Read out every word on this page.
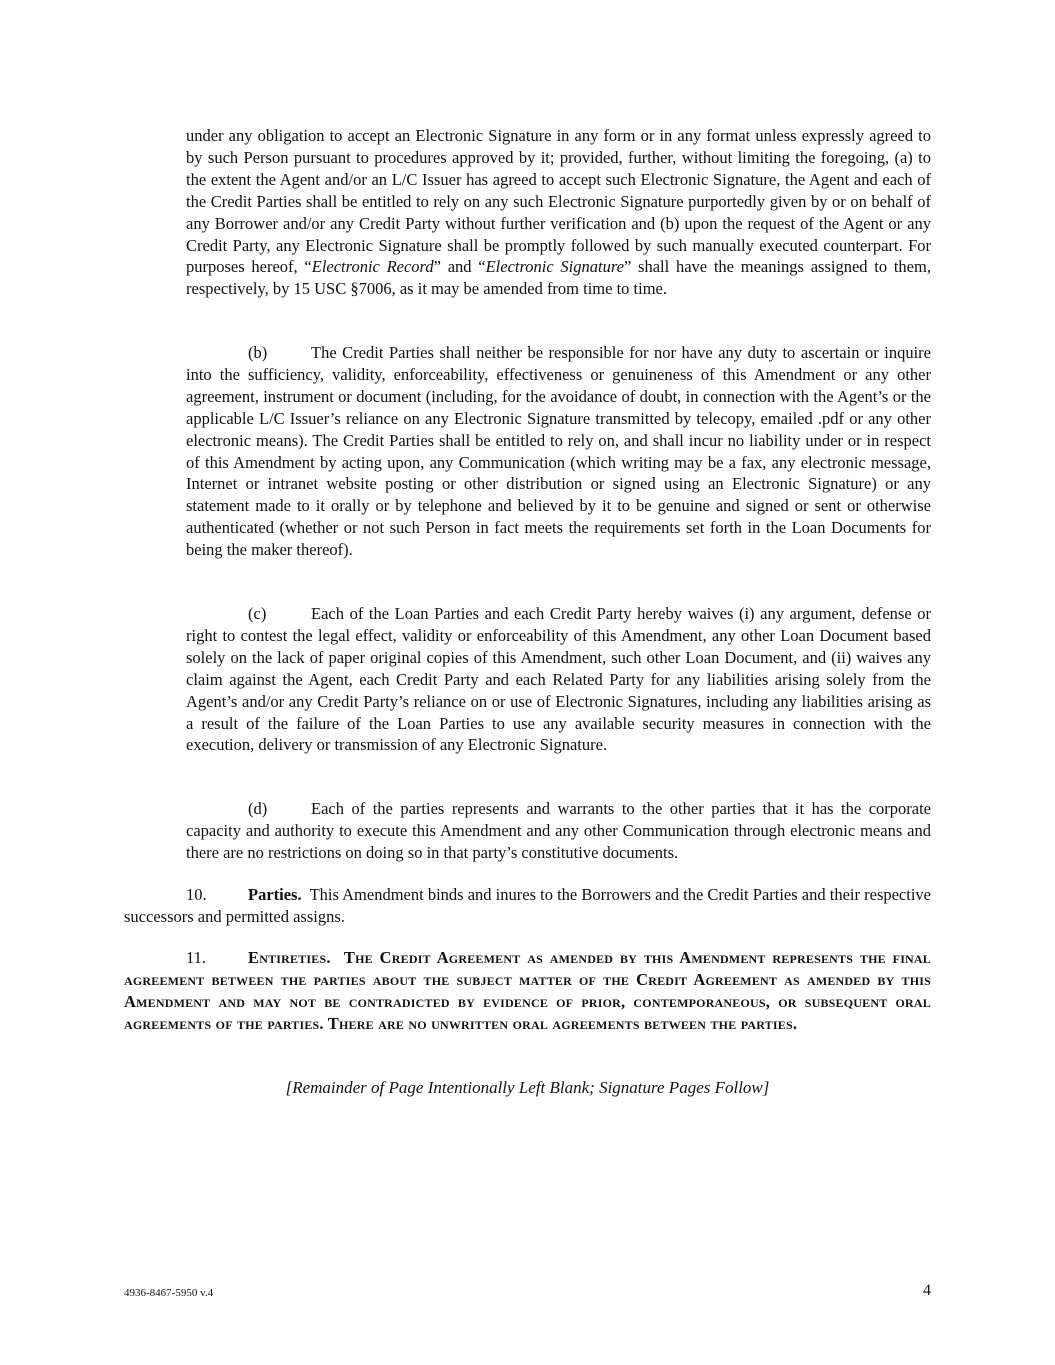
under any obligation to accept an Electronic Signature in any form or in any format unless expressly agreed to by such Person pursuant to procedures approved by it; provided, further, without limiting the foregoing, (a) to the extent the Agent and/or an L/C Issuer has agreed to accept such Electronic Signature, the Agent and each of the Credit Parties shall be entitled to rely on any such Electronic Signature purportedly given by or on behalf of any Borrower and/or any Credit Party without further verification and (b) upon the request of the Agent or any Credit Party, any Electronic Signature shall be promptly followed by such manually executed counterpart. For purposes hereof, “Electronic Record” and “Electronic Signature” shall have the meanings assigned to them, respectively, by 15 USC §7006, as it may be amended from time to time.

(b)	The Credit Parties shall neither be responsible for nor have any duty to ascertain or inquire into the sufficiency, validity, enforceability, effectiveness or genuineness of this Amendment or any other agreement, instrument or document (including, for the avoidance of doubt, in connection with the Agent’s or the applicable L/C Issuer’s reliance on any Electronic Signature transmitted by telecopy, emailed .pdf or any other electronic means). The Credit Parties shall be entitled to rely on, and shall incur no liability under or in respect of this Amendment by acting upon, any Communication (which writing may be a fax, any electronic message, Internet or intranet website posting or other distribution or signed using an Electronic Signature) or any statement made to it orally or by telephone and believed by it to be genuine and signed or sent or otherwise authenticated (whether or not such Person in fact meets the requirements set forth in the Loan Documents for being the maker thereof).

(c)	Each of the Loan Parties and each Credit Party hereby waives (i) any argument, defense or right to contest the legal effect, validity or enforceability of this Amendment, any other Loan Document based solely on the lack of paper original copies of this Amendment, such other Loan Document, and (ii) waives any claim against the Agent, each Credit Party and each Related Party for any liabilities arising solely from the Agent’s and/or any Credit Party’s reliance on or use of Electronic Signatures, including any liabilities arising as a result of the failure of the Loan Parties to use any available security measures in connection with the execution, delivery or transmission of any Electronic Signature.

(d)	Each of the parties represents and warrants to the other parties that it has the corporate capacity and authority to execute this Amendment and any other Communication through electronic means and there are no restrictions on doing so in that party’s constitutive documents.

10.	Parties. This Amendment binds and inures to the Borrowers and the Credit Parties and their respective successors and permitted assigns.

11.	Entireties. The Credit Agreement as amended by this Amendment represents the final agreement between the parties about the subject matter of the Credit Agreement as amended by this Amendment and may not be contradicted by evidence of prior, contemporaneous, or subsequent oral agreements of the parties. There are no unwritten oral agreements between the parties.

[Remainder of Page Intentionally Left Blank; Signature Pages Follow]
4936-8467-5950 v.4	4
